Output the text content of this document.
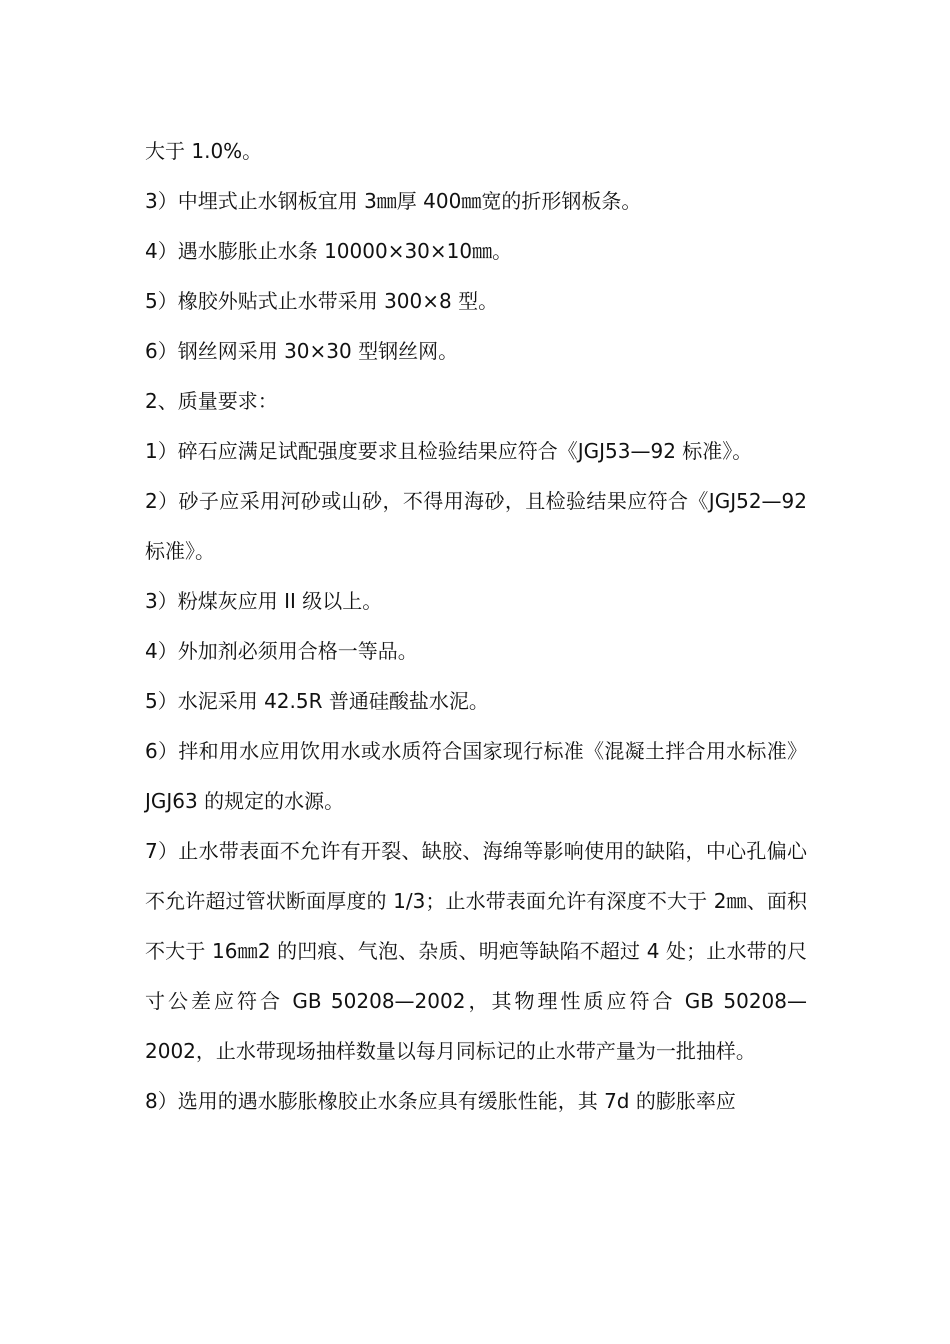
大于 1.0%。

3）中埋式止水钢板宜用 3㎜厚 400㎜宽的折形钢板条。

4）遇水膨胀止水条 10000×30×10㎜。

5）橡胶外贴式止水带采用 300×8 型。

6）钢丝网采用 30×30 型钢丝网。

2、质量要求：

1）碎石应满足试配强度要求且检验结果应符合《JGJ53—92 标准》。

2）砂子应采用河砂或山砂，不得用海砂，且检验结果应符合《JGJ52—92 标准》。

3）粉煤灰应用 II 级以上。

4）外加剂必须用合格一等品。

5）水泥采用 42.5R 普通硅酸盐水泥。

6）拌和用水应用饮用水或水质符合国家现行标准《混凝土拌合用水标准》JGJ63 的规定的水源。

7）止水带表面不允许有开裂、缺胶、海绵等影响使用的缺陷，中心孔偏心不允许超过管状断面厚度的 1/3；止水带表面允许有深度不大于 2㎜、面积不大于 16㎜2 的凹痕、气泡、杂质、明疤等缺陷不超过 4 处；止水带的尺寸公差应符合 GB 50208—2002，其物理性质应符合 GB 50208—2002，止水带现场抽样数量以每月同标记的止水带产量为一批抽样。

8）选用的遇水膨胀橡胶止水条应具有缓胀性能，其 7d 的膨胀率应
